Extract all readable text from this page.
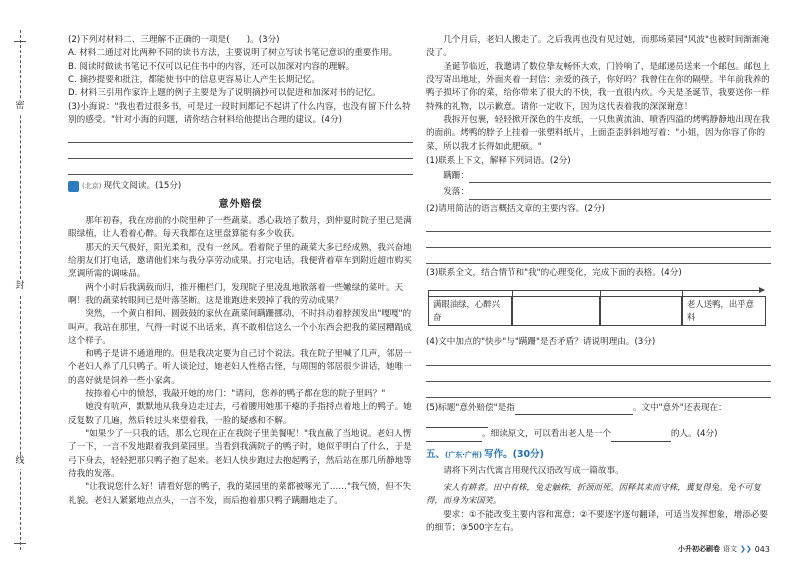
密
封
线

(2)下列对材料二、三理解不正确的一项是(　　)。(3分)

A. 材料二通过对比两种不同的读书方法，主要说明了树立写读书笔记意识的重要作用。

B. 阅读时做读书笔记不仅可以记住书中的内容，还可以加深对内容的理解。

C. 摘抄提要和批注，都能使书中的信息更容易让人产生长期记忆。

D. 材料三引用作家许上题的例子主要是为了说明摘抄可以促进和加深对书的记忆。

(3)小海说："我也看过很多书，可是过一段时间都记不起讲了什么内容，也没有留下什么特别的感受。"针对小海的问题，请你结合材料给他提出合理的建议。(4分)

(北京) 现代文阅读。(15分)
意外赔偿

那年初春，我在房前的小院里种了一些蔬菜。悉心栽培了数月，到仲夏时院子里已是满眼绿植，让人看着心醉。每天我都在这里盘算能有多少收获。

那天的天气极好，阳光柔和，没有一丝风。看着院子里的蔬菜大多已经成熟，我兴奋地给朋友们打电话，邀请他们来与我分享劳动成果。打完电话，我便背着草车到附近超市购买烹调所需的调味品。

两个小时后我满载而归，推开栅栏门，发现院子里凌乱地散落着一些嫩绿的菜叶。天啊！我的蔬菜转眼间已是叶落茎断。这是谁跑进来毁掉了我的劳动成果？

突然，一个黄白相间、圆鼓鼓的家伙在蔬菜间蹒跚挪动，不时抖动着脖颈发出"嘎嘎"的叫声。我站在那里，气得一时说不出话来，真不敢相信这么一个小东西会把我的菜园糟蹋成这个样子。

和鸭子是讲不通道理的。但是我决定要为自己讨个说法。我在院子里喊了几声，邻居一个老妇人养了几只鸭子。听人谈论过，她老妇人性格古怪，与周围的邻居很少讲话，她唯一的喜好就是饲养一些小家禽。

按捺着心中的愤怒，我敲开她的房门："请问，您养的鸭子都在您的院子里吗？"

她没有吭声，默默地从我身边走过去，弓着腰用她那干瘪的手指捋点着地上的鸭子。她反复数了几遍，然后转过头来望着我，一脸的疑惑和不解。

"如果少了一只我的话，那么它现在正在我院子里美餐呢！"我直截了当地说。老妇人愣了一下，一言不发地跟着我到菜园里。当看到我满院子的鸭子时，她似乎明白了什么，于是弓下身去，轻轻把那只鸭子抱了起来。老妇人快步跑过去抱起鸭子，然后站在那几所静地等待我的发落。

"让我说您什么好！请看好您的鸭子，我的菜园里的菜都被啄光了……"我气愤，但不失礼貌。老妇人紧紧地点点头，一言不发，而后抱着那只鸭子蹒跚地走了。

几个月后，老妇人搬走了。之后我再也没有见过她，而那场菜园"风波"也被时间渐渐淹没了。

圣诞节临近，我邀请了数位挚友畅怀大欢，门铃响了，是邮递员送来一个邮包。邮包上没写寄出地址，外面夹着一封信：亲爱的孩子，你好吗？我曾住在你的隔壁。半年前我养的鸭子损坏了你的菜，给你带来了很大的不快，我一直很内疚。今天是圣诞节，我要送你一样特殊的礼物，以示歉意。请你一定收下，因为这代表着我的深深谢意！

我拆开包裹，轻轻掀开深色的牛皮纸，一只焦黄流油、喷香四溢的烤鸭静静地出现在我的面前。烤鸭的脖子上挂着一张塑料纸片，上面歪歪斜斜地写着："小姐，因为你容了你的菜，所以我才长得如此肥硕。"

(1)联系上下文，解释下列词语。(2分)

蹒跚：
发落：

(2)请用简洁的语言概括文章的主要内容。(2分)

(3)联系全文，结合情节和"我"的心理变化，完成下面的表格。(4分)

满眼油绿，心醉兴奋
老人送鸭，出乎意料

(4)文中加点的"快步"与"蹒跚"是否矛盾？请说明理由。(3分)

(5)标题"意外赔偿"是指	。文中"意外"还表现在：
。细读原文，可以看出老人是一个	的人。(4分)

五、 (广东·广州) 写作。(30分)

请将下列古代寓言用现代汉语改写成一篇故事。

宋人有耕者。田中有株，兔走触株，折颈而死。因释其耒而守株，冀复得兔。兔不可复得，而身为宋国笑。

要求：①不能改变主要内容和寓意；②不要逐字逐句翻译，可适当发挥想象，增添必要的细节；③500字左右。

小升初必刷卷 语文 ❯❯ 043
